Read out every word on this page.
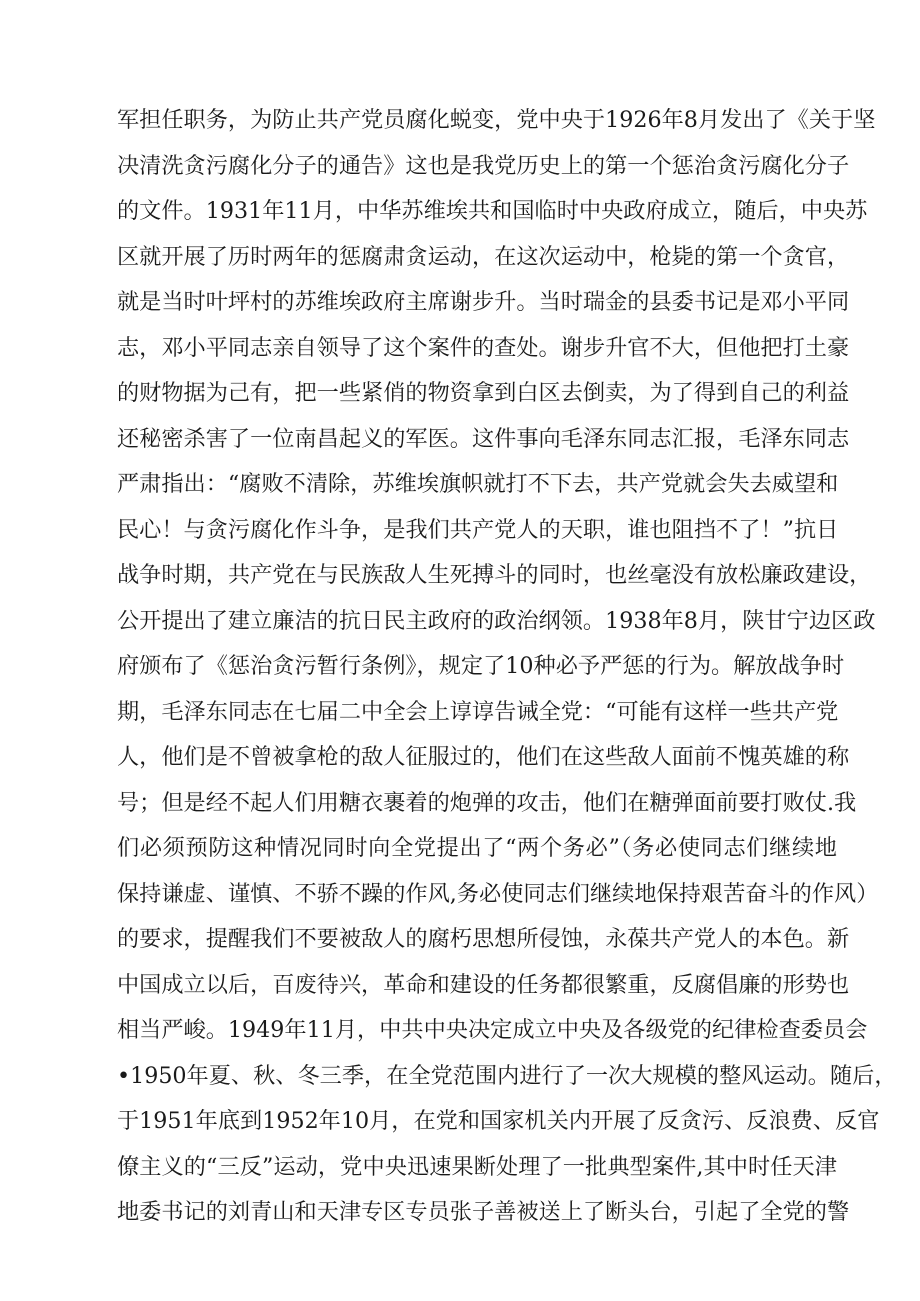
军担任职务，为防止共产党员腐化蜕变，党中央于1926年8月发出了《关于坚
决清洗贪污腐化分子的通告》这也是我党历史上的第一个惩治贪污腐化分子
的文件。1931年11月，中华苏维埃共和国临时中央政府成立，随后，中央苏
区就开展了历时两年的惩腐肃贪运动，在这次运动中，枪毙的第一个贪官，
就是当时叶坪村的苏维埃政府主席谢步升。当时瑞金的县委书记是邓小平同
志，邓小平同志亲自领导了这个案件的查处。谢步升官不大，但他把打土豪
的财物据为己有，把一些紧俏的物资拿到白区去倒卖，为了得到自己的利益
还秘密杀害了一位南昌起义的军医。这件事向毛泽东同志汇报，毛泽东同志
严肃指出：“腐败不清除，苏维埃旗帜就打不下去，共产党就会失去威望和
民心！与贪污腐化作斗争，是我们共产党人的天职，谁也阻挡不了！”抗日
战争时期，共产党在与民族敌人生死搏斗的同时，也丝毫没有放松廉政建设，
公开提出了建立廉洁的抗日民主政府的政治纲领。1938年8月，陕甘宁边区政
府颁布了《惩治贪污暂行条例》，规定了10种必予严惩的行为。解放战争时
期，毛泽东同志在七届二中全会上谆谆告诫全党：“可能有这样一些共产党
人，他们是不曾被拿枪的敌人征服过的，他们在这些敌人面前不愧英雄的称
号；但是经不起人们用糖衣裹着的炮弹的攻击，他们在糖弹面前要打败仗.我
们必须预防这种情况同时向全党提出了“两个务必”（务必使同志们继续地
保持谦虚、谨慎、不骄不躁的作风,务必使同志们继续地保持艰苦奋斗的作风）
的要求，提醒我们不要被敌人的腐朽思想所侵蚀，永葆共产党人的本色。新
中国成立以后，百废待兴，革命和建设的任务都很繁重，反腐倡廉的形势也
相当严峻。1949年11月，中共中央决定成立中央及各级党的纪律检查委员会
•1950年夏、秋、冬三季，在全党范围内进行了一次大规模的整风运动。随后，
于1951年底到1952年10月，在党和国家机关内开展了反贪污、反浪费、反官
僚主义的“三反”运动，党中央迅速果断处理了一批典型案件,其中时任天津
地委书记的刘青山和天津专区专员张子善被送上了断头台，引起了全党的警
